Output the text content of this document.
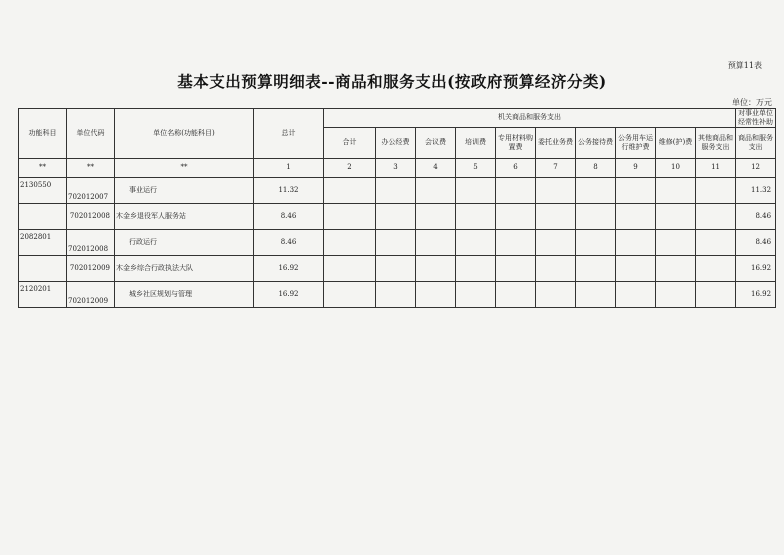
预算11表
基本支出预算明细表--商品和服务支出(按政府预算经济分类)
单位：万元
功能科目	单位代码	单位名称(功能科目)	总计	机关商品和服务支出										对事业单位经常性补助
				合计	办公经费	会议费	培训费	专用材料购置费	委托业务费	公务接待费	公务用车运行维护费	维修(护)费	其他商品和服务支出	商品和服务支出
**	**	**	1	2	3	4	5	6	7	8	9	10	11	12
2130550	702012007	事业运行	11.32											11.32
	702012008	木金乡退役军人服务站	8.46											8.46
2082801	702012008	行政运行	8.46											8.46
	702012009	木金乡综合行政执法大队	16.92											16.92
2120201	702012009	城乡社区规划与管理	16.92											16.92
